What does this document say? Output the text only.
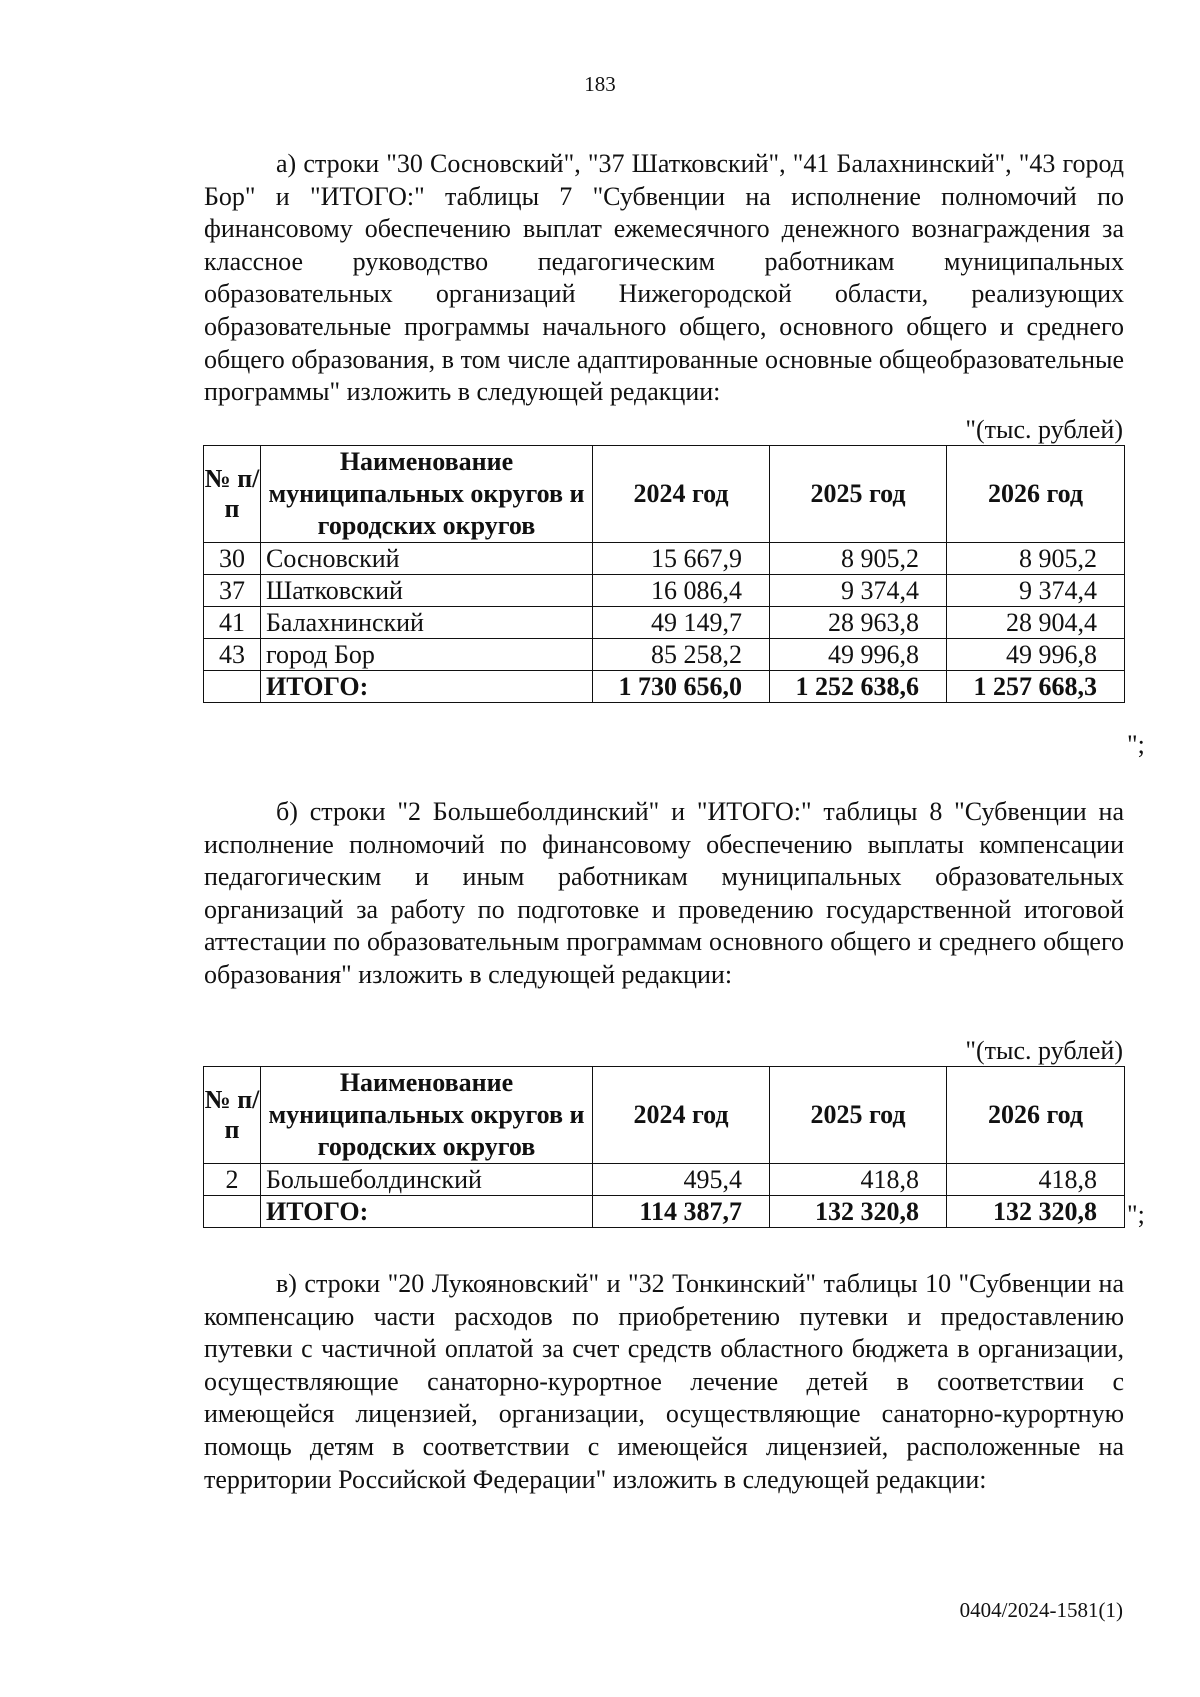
183

а) строки "30 Сосновский", "37 Шатковский", "41 Балахнинский", "43 город Бор" и "ИТОГО:" таблицы 7 "Субвенции на исполнение полномочий по финансовому обеспечению выплат ежемесячного денежного вознаграждения за классное руководство педагогическим работникам муниципальных образовательных организаций Нижегородской области, реализующих образовательные программы начального общего, основного общего и среднего общего образования, в том числе адаптированные основные общеобразовательные программы" изложить в следующей редакции:

"(тыс. рублей)
№ п/п	Наименование муниципальных округов и городских округов	2024 год	2025 год	2026 год
30	Сосновский	15 667,9	8 905,2	8 905,2
37	Шатковский	16 086,4	9 374,4	9 374,4
41	Балахнинский	49 149,7	28 963,8	28 904,4
43	город Бор	85 258,2	49 996,8	49 996,8
	ИТОГО:	1 730 656,0	1 252 638,6	1 257 668,3
";

б) строки "2 Большеболдинский" и "ИТОГО:" таблицы 8 "Субвенции на исполнение полномочий по финансовому обеспечению выплаты компенсации педагогическим и иным работникам муниципальных образовательных организаций за работу по подготовке и проведению государственной итоговой аттестации по образовательным программам основного общего и среднего общего образования" изложить в следующей редакции:

"(тыс. рублей)
№ п/п	Наименование муниципальных округов и городских округов	2024 год	2025 год	2026 год
2	Большеболдинский	495,4	418,8	418,8
	ИТОГО:	114 387,7	132 320,8	132 320,8 ";

в) строки "20 Лукояновский" и "32 Тонкинский" таблицы 10 "Субвенции на компенсацию части расходов по приобретению путевки и предоставлению путевки с частичной оплатой за счет средств областного бюджета в организации, осуществляющие санаторно-курортное лечение детей в соответствии с имеющейся лицензией, организации, осуществляющие санаторно-курортную помощь детям в соответствии с имеющейся лицензией, расположенные на территории Российской Федерации" изложить в следующей редакции:

0404/2024-1581(1)
